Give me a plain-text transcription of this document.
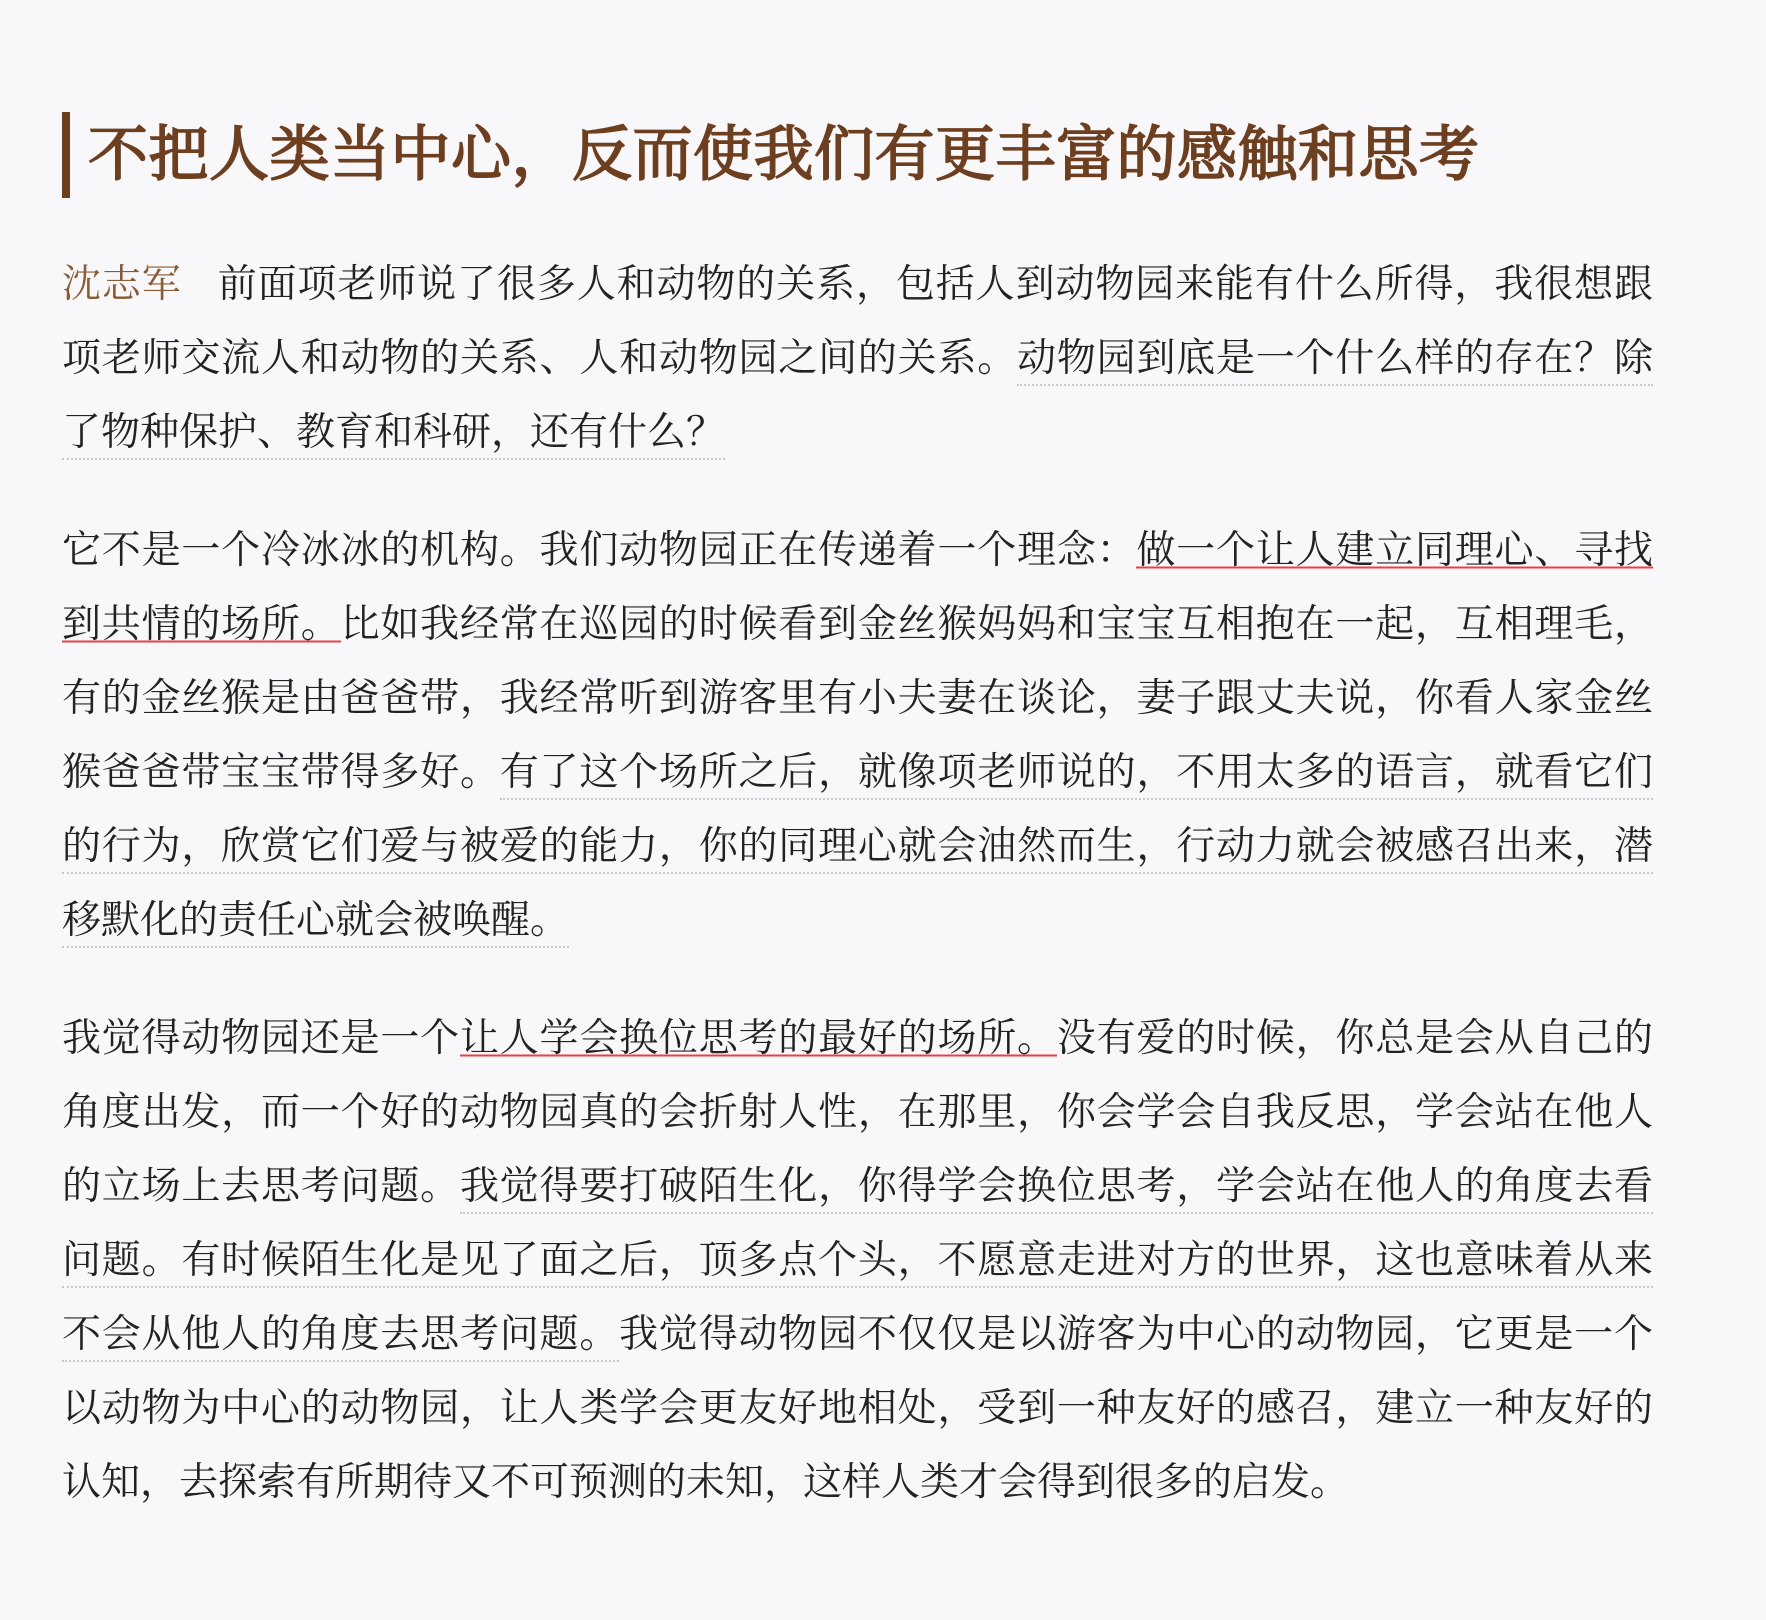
不把人类当中心，反而使我们有更丰富的感触和思考

沈志军 前面项老师说了很多人和动物的关系，包括人到动物园来能有什么所得，我很想跟项老师交流人和动物的关系、人和动物园之间的关系。动物园到底是一个什么样的存在？除了物种保护、教育和科研，还有什么？

它不是一个冷冰冰的机构。我们动物园正在传递着一个理念：做一个让人建立同理心、寻找到共情的场所。比如我经常在巡园的时候看到金丝猴妈妈和宝宝互相抱在一起，互相理毛，有的金丝猴是由爸爸带，我经常听到游客里有小夫妻在谈论，妻子跟丈夫说，你看人家金丝猴爸爸带宝宝带得多好。有了这个场所之后，就像项老师说的，不用太多的语言，就看它们的行为，欣赏它们爱与被爱的能力，你的同理心就会油然而生，行动力就会被感召出来，潜移默化的责任心就会被唤醒。

我觉得动物园还是一个让人学会换位思考的最好的场所。没有爱的时候，你总是会从自己的角度出发，而一个好的动物园真的会折射人性，在那里，你会学会自我反思，学会站在他人的立场上去思考问题。我觉得要打破陌生化，你得学会换位思考，学会站在他人的角度去看问题。有时候陌生化是见了面之后，顶多点个头，不愿意走进对方的世界，这也意味着从来不会从他人的角度去思考问题。我觉得动物园不仅仅是以游客为中心的动物园，它更是一个以动物为中心的动物园，让人类学会更友好地相处，受到一种友好的感召，建立一种友好的认知，去探索有所期待又不可预测的未知，这样人类才会得到很多的启发。
